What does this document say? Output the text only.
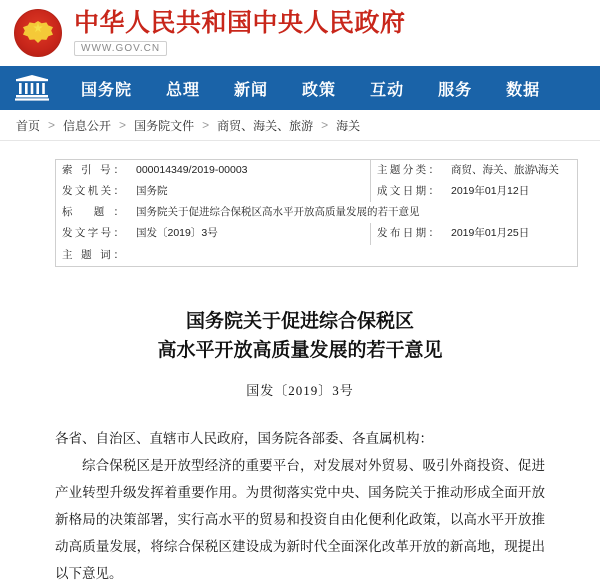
中华人民共和国中央人民政府
WWW.GOV.CN
国务院	总理	新闻	政策	互动	服务	数据
首页 > 信息公开 > 国务院文件 > 商贸、海关、旅游 > 海关
索 引 号：	000014349/2019-00003	主题分类：	商贸、海关、旅游\海关
发文机关：	国务院	成文日期：	2019年01月12日
标 题：	国务院关于促进综合保税区高水平开放高质量发展的若干意见		
发文字号：	国发〔2019〕3号	发布日期：	2019年01月25日
主 题 词：			
国务院关于促进综合保税区
高水平开放高质量发展的若干意见
国发〔2019〕3号

各省、自治区、直辖市人民政府，国务院各部委、各直属机构：

综合保税区是开放型经济的重要平台，对发展对外贸易、吸引外商投资、促进产业转型升级发挥着重要作用。为贯彻落实党中央、国务院关于推动形成全面开放新格局的决策部署，实行高水平的贸易和投资自由化便利化政策，以高水平开放推动高质量发展，将综合保税区建设成为新时代全面深化改革开放的新高地，现提出以下意见。
